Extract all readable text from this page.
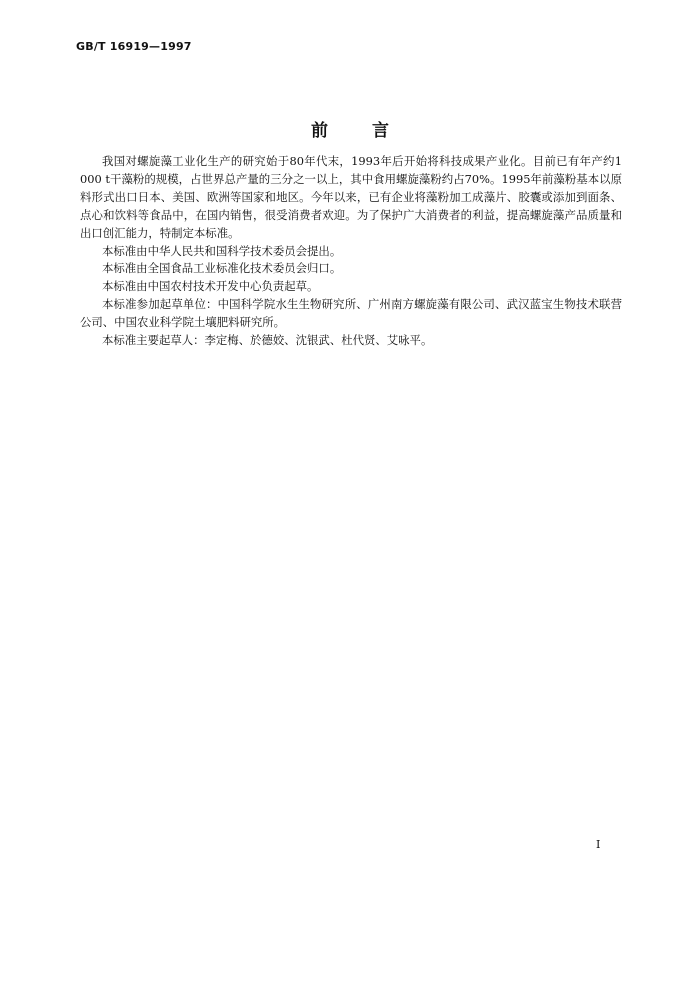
GB/T 16919—1997
前言

我国对螺旋藻工业化生产的研究始于80年代末，1993年后开始将科技成果产业化。目前已有年产约1 000 t干藻粉的规模，占世界总产量的三分之一以上，其中食用螺旋藻粉约占70%。1995年前藻粉基本以原料形式出口日本、美国、欧洲等国家和地区。今年以来，已有企业将藻粉加工成藻片、胶囊或添加到面条、点心和饮料等食品中，在国内销售，很受消费者欢迎。为了保护广大消费者的利益，提高螺旋藻产品质量和出口创汇能力，特制定本标准。

本标准由中华人民共和国科学技术委员会提出。

本标准由全国食品工业标准化技术委员会归口。

本标准由中国农村技术开发中心负责起草。

本标准参加起草单位：中国科学院水生生物研究所、广州南方螺旋藻有限公司、武汉蓝宝生物技术联营公司、中国农业科学院土壤肥料研究所。

本标准主要起草人：李定梅、於德姣、沈银武、杜代贤、艾咏平。

I
